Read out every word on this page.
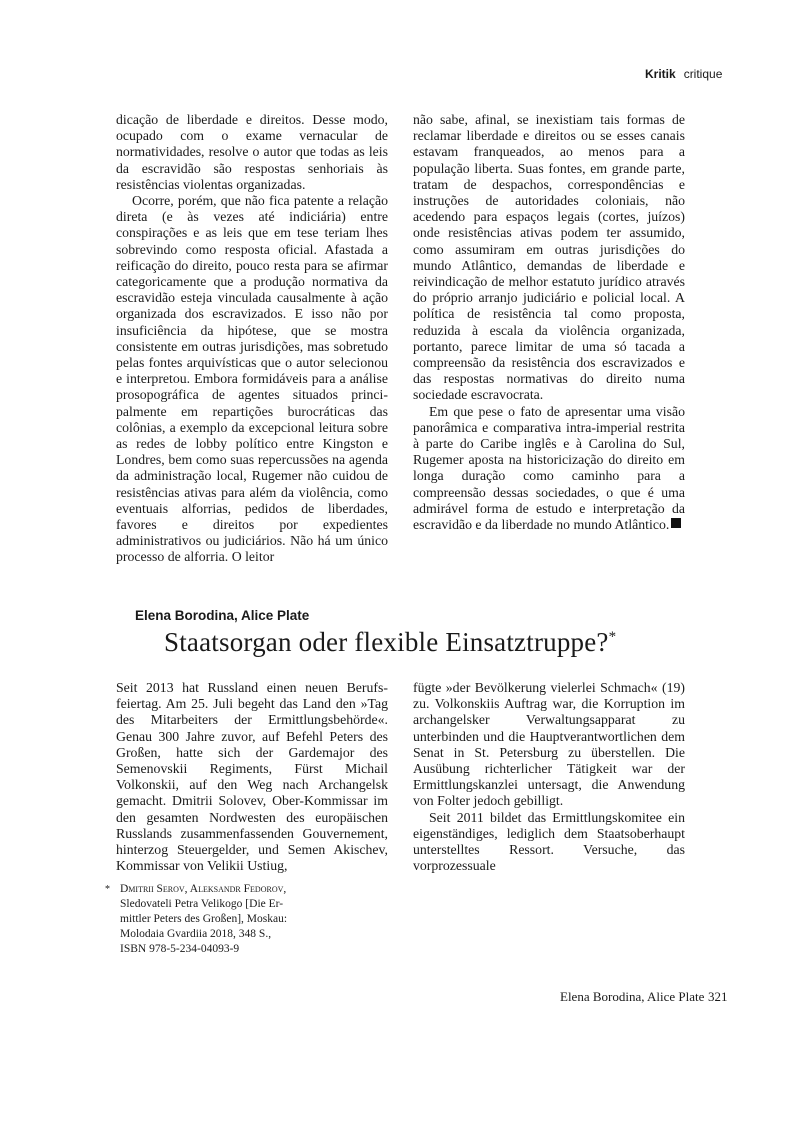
Kritik critique

dicação de liberdade e direitos. Desse modo, ocupado com o exame vernacular de normatividades, resolve o autor que todas as leis da escravidão são respostas senhoriais às resistências violentas organizadas.

Ocorre, porém, que não fica patente a relação direta (e às vezes até indiciária) entre conspirações e as leis que em tese teriam lhes sobrevindo como resposta oficial. Afastada a reificação do direito, pouco resta para se afirmar categoricamente que a produção normativa da escravidão esteja vinculada causalmente à ação organizada dos escravizados. E isso não por insuficiência da hipótese, que se mostra consistente em outras jurisdições, mas sobretudo pelas fontes arquivísticas que o autor selecionou e interpretou. Embora formidáveis para a análise prosopográfica de agentes situados principalmente em repartições burocráticas das colônias, a exemplo da excepcional leitura sobre as redes de lobby político entre Kingston e Londres, bem como suas repercussões na agenda da administração local, Rugemer não cuidou de resistências ativas para além da violência, como eventuais alforrias, pedidos de liberdades, favores e direitos por expedientes administrativos ou judiciários. Não há um único processo de alforria. O leitor

não sabe, afinal, se inexistiam tais formas de reclamar liberdade e direitos ou se esses canais estavam franqueados, ao menos para a população liberta. Suas fontes, em grande parte, tratam de despachos, correspondências e instruções de autoridades coloniais, não acedendo para espaços legais (cortes, juízos) onde resistências ativas podem ter assumido, como assumiram em outras jurisdições do mundo Atlântico, demandas de liberdade e reivindicação de melhor estatuto jurídico através do próprio arranjo judiciário e policial local. A política de resistência tal como proposta, reduzida à escala da violência organizada, portanto, parece limitar de uma só tacada a compreensão da resistência dos escravizados e das respostas normativas do direito numa sociedade escravocrata.

Em que pese o fato de apresentar uma visão panorâmica e comparativa intra-imperial restrita à parte do Caribe inglês e à Carolina do Sul, Rugemer aposta na historicização do direito em longa duração como caminho para a compreensão dessas sociedades, o que é uma admirável forma de estudo e interpretação da escravidão e da liberdade no mundo Atlântico.

Elena Borodina, Alice Plate
Staatsorgan oder flexible Einsatztruppe?*

Seit 2013 hat Russland einen neuen Berufsfeiertag. Am 25. Juli begeht das Land den »Tag des Mitarbeiters der Ermittlungsbehörde«. Genau 300 Jahre zuvor, auf Befehl Peters des Großen, hatte sich der Gardemajor des Semenovskii Regiments, Fürst Michail Volkonskii, auf den Weg nach Archangelsk gemacht. Dmitrii Solovev, Ober-Kommissar im den gesamten Nordwesten des europäischen Russlands zusammenfassenden Gouvernement, hinterzog Steuergelder, und Semen Akischev, Kommissar von Velikii Ustiug,

fügte »der Bevölkerung vielerlei Schmach« (19) zu. Volkonskiis Auftrag war, die Korruption im archangelsker Verwaltungsapparat zu unterbinden und die Hauptverantwortlichen dem Senat in St. Petersburg zu überstellen. Die Ausübung richterlicher Tätigkeit war der Ermittlungskanzlei untersagt, die Anwendung von Folter jedoch gebilligt.

Seit 2011 bildet das Ermittlungskomitee ein eigenständiges, lediglich dem Staatsoberhaupt unterstelltes Ressort. Versuche, das vorprozessuale

* Dmitrii Serov, Aleksandr Fedorov,
Sledovateli Petra Velikogo [Die Er-
mittler Peters des Großen], Moskau:
Molodaia Gvardiia 2018, 348 S.,
ISBN 978-5-234-04093-9
Elena Borodina, Alice Plate 321
